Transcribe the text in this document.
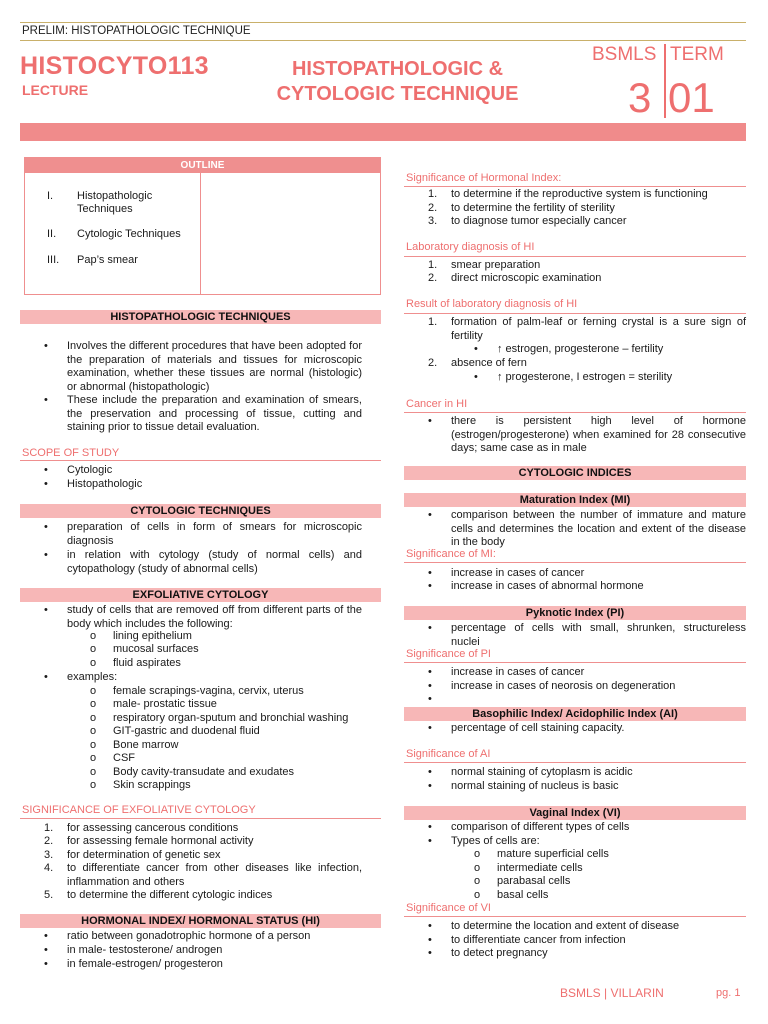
PRELIM: HISTOPATHOLOGIC TECHNIQUE
HISTOCYTO113
LECTURE
HISTOPATHOLOGIC &
CYTOLOGIC TECHNIQUE
BSMLS TERM
3 01
OUTLINE
I. Histopathologic Techniques
II. Cytologic Techniques
III. Pap’s smear
HISTOPATHOLOGIC TECHNIQUES
• Involves the different procedures that have been adopted for the preparation of materials and tissues for microscopic examination, whether these tissues are normal (histologic) or abnormal (histopathologic)
• These include the preparation and examination of smears, the preservation and processing of tissue, cutting and staining prior to tissue detail evaluation.
SCOPE OF STUDY
• Cytologic
• Histopathologic
CYTOLOGIC TECHNIQUES
• preparation of cells in form of smears for microscopic diagnosis
• in relation with cytology (study of normal cells) and cytopathology (study of abnormal cells)
EXFOLIATIVE CYTOLOGY
• study of cells that are removed off from different parts of the body which includes the following:
o lining epithelium
o mucosal surfaces
o fluid aspirates
• examples:
o female scrapings-vagina, cervix, uterus
o male- prostatic tissue
o respiratory organ-sputum and bronchial washing
o GIT-gastric and duodenal fluid
o Bone marrow
o CSF
o Body cavity-transudate and exudates
o Skin scrappings
SIGNIFICANCE OF EXFOLIATIVE CYTOLOGY
1. for assessing cancerous conditions
2. for assessing female hormonal activity
3. for determination of genetic sex
4. to differentiate cancer from other diseases like infection, inflammation and others
5. to determine the different cytologic indices
HORMONAL INDEX/ HORMONAL STATUS (HI)
• ratio between gonadotrophic hormone of a person
• in male- testosterone/ androgen
• in female-estrogen/ progesteron
Significance of Hormonal Index:
1. to determine if the reproductive system is functioning
2. to determine the fertility of sterility
3. to diagnose tumor especially cancer
Laboratory diagnosis of HI
1. smear preparation
2. direct microscopic examination
Result of laboratory diagnosis of HI
1. formation of palm-leaf or ferning crystal is a sure sign of fertility
• ↑ estrogen, progesterone – fertility
2. absence of fern
• ↑ progesterone, I estrogen = sterility
Cancer in HI
• there is persistent high level of hormone (estrogen/progesterone) when examined for 28 consecutive days; same case as in male
CYTOLOGIC INDICES
Maturation Index (MI)
• comparison between the number of immature and mature cells and determines the location and extent of the disease in the body
Significance of MI:
• increase in cases of cancer
• increase in cases of abnormal hormone
Pyknotic Index (PI)
• percentage of cells with small, shrunken, structureless nuclei
Significance of PI
• increase in cases of cancer
• increase in cases of neorosis on degeneration
•
Basophilic Index/ Acidophilic Index (AI)
• percentage of cell staining capacity.
Significance of AI
• normal staining of cytoplasm is acidic
• normal staining of nucleus is basic
Vaginal Index (VI)
• comparison of different types of cells
• Types of cells are:
o mature superficial cells
o intermediate cells
o parabasal cells
o basal cells
Significance of VI
• to determine the location and extent of disease
• to differentiate cancer from infection
• to detect pregnancy
BSMLS | VILLARIN	pg. 1
